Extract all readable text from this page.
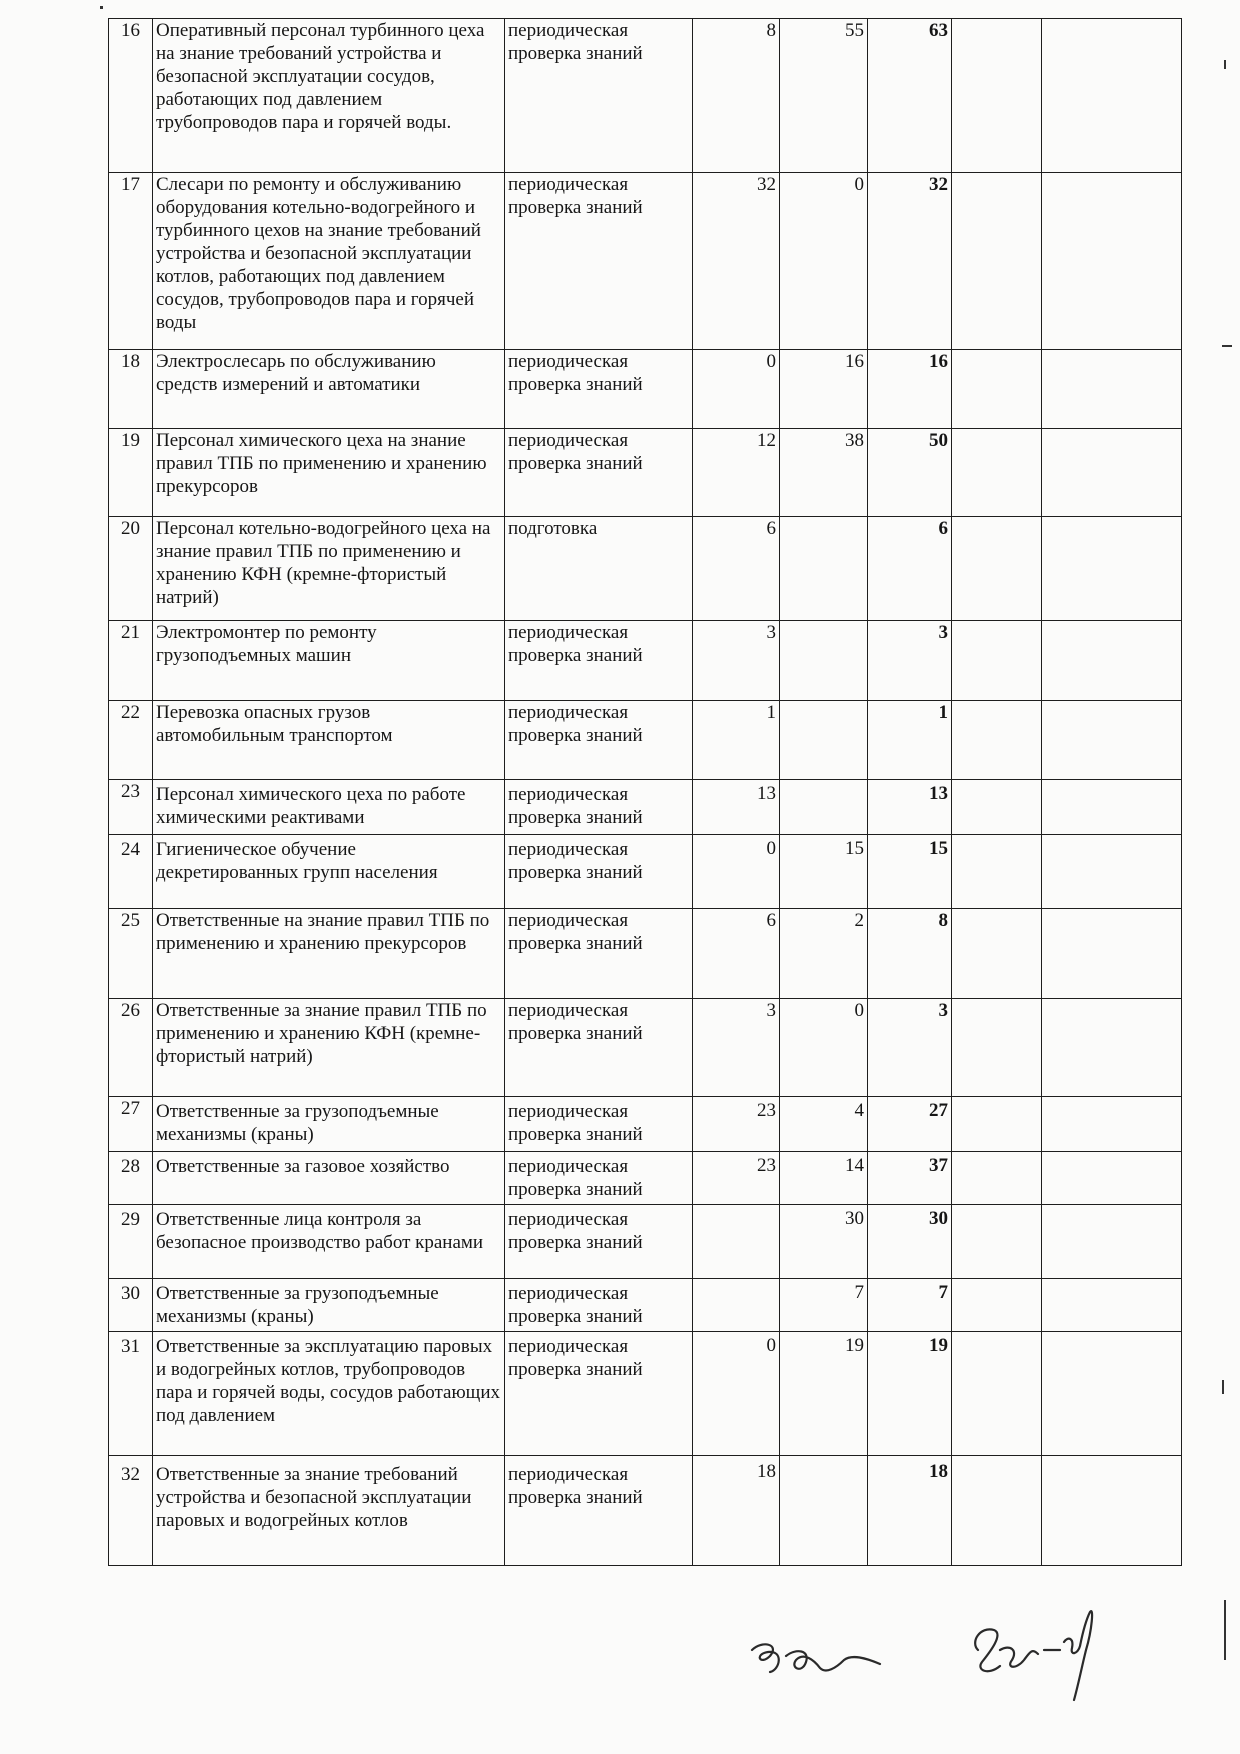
16	Оперативный персонал турбинного цеха на знание требований устройства и безопасной эксплуатации сосудов, работающих под давлением трубопроводов пара и горячей воды.	периодическая проверка знаний	8	55	63		
17	Слесари по ремонту и обслуживанию оборудования котельно-водогрейного и турбинного цехов на знание требований устройства и безопасной эксплуатации котлов, работающих под давлением сосудов, трубопроводов пара и горячей воды	периодическая проверка знаний	32	0	32		
18	Электрослесарь по обслуживанию средств измерений и автоматики	периодическая проверка знаний	0	16	16		
19	Персонал химического цеха на знание правил ТПБ по применению и хранению прекурсоров	периодическая проверка знаний	12	38	50		
20	Персонал котельно-водогрейного цеха на знание правил ТПБ по применению и хранению КФН (кремне-фтористый натрий)	подготовка	6		6		
21	Электромонтер по ремонту грузоподъемных машин	периодическая проверка знаний	3		3		
22	Перевозка опасных грузов автомобильным транспортом	периодическая проверка знаний	1		1		
23	Персонал химического цеха по работе химическими реактивами	периодическая проверка знаний	13		13		
24	Гигиеническое обучение декретированных групп населения	периодическая проверка знаний	0	15	15		
25	Ответственные на знание правил ТПБ по применению и хранению прекурсоров	периодическая проверка знаний	6	2	8		
26	Ответственные за знание правил ТПБ по применению и хранению КФН (кремне-фтористый натрий)	периодическая проверка знаний	3	0	3		
27	Ответственные за грузоподъемные механизмы (краны)	периодическая проверка знаний	23	4	27		
28	Ответственные за газовое хозяйство	периодическая проверка знаний	23	14	37		
29	Ответственные лица контроля за безопасное производство работ кранами	периодическая проверка знаний		30	30		
30	Ответственные за грузоподъемные механизмы (краны)	периодическая проверка знаний		7	7		
31	Ответственные за эксплуатацию паровых и водогрейных котлов, трубопроводов пара и горячей воды, сосудов работающих под давлением	периодическая проверка знаний	0	19	19		
32	Ответственные за знание требований устройства и безопасной эксплуатации паровых и водогрейных котлов	периодическая проверка знаний	18		18		
